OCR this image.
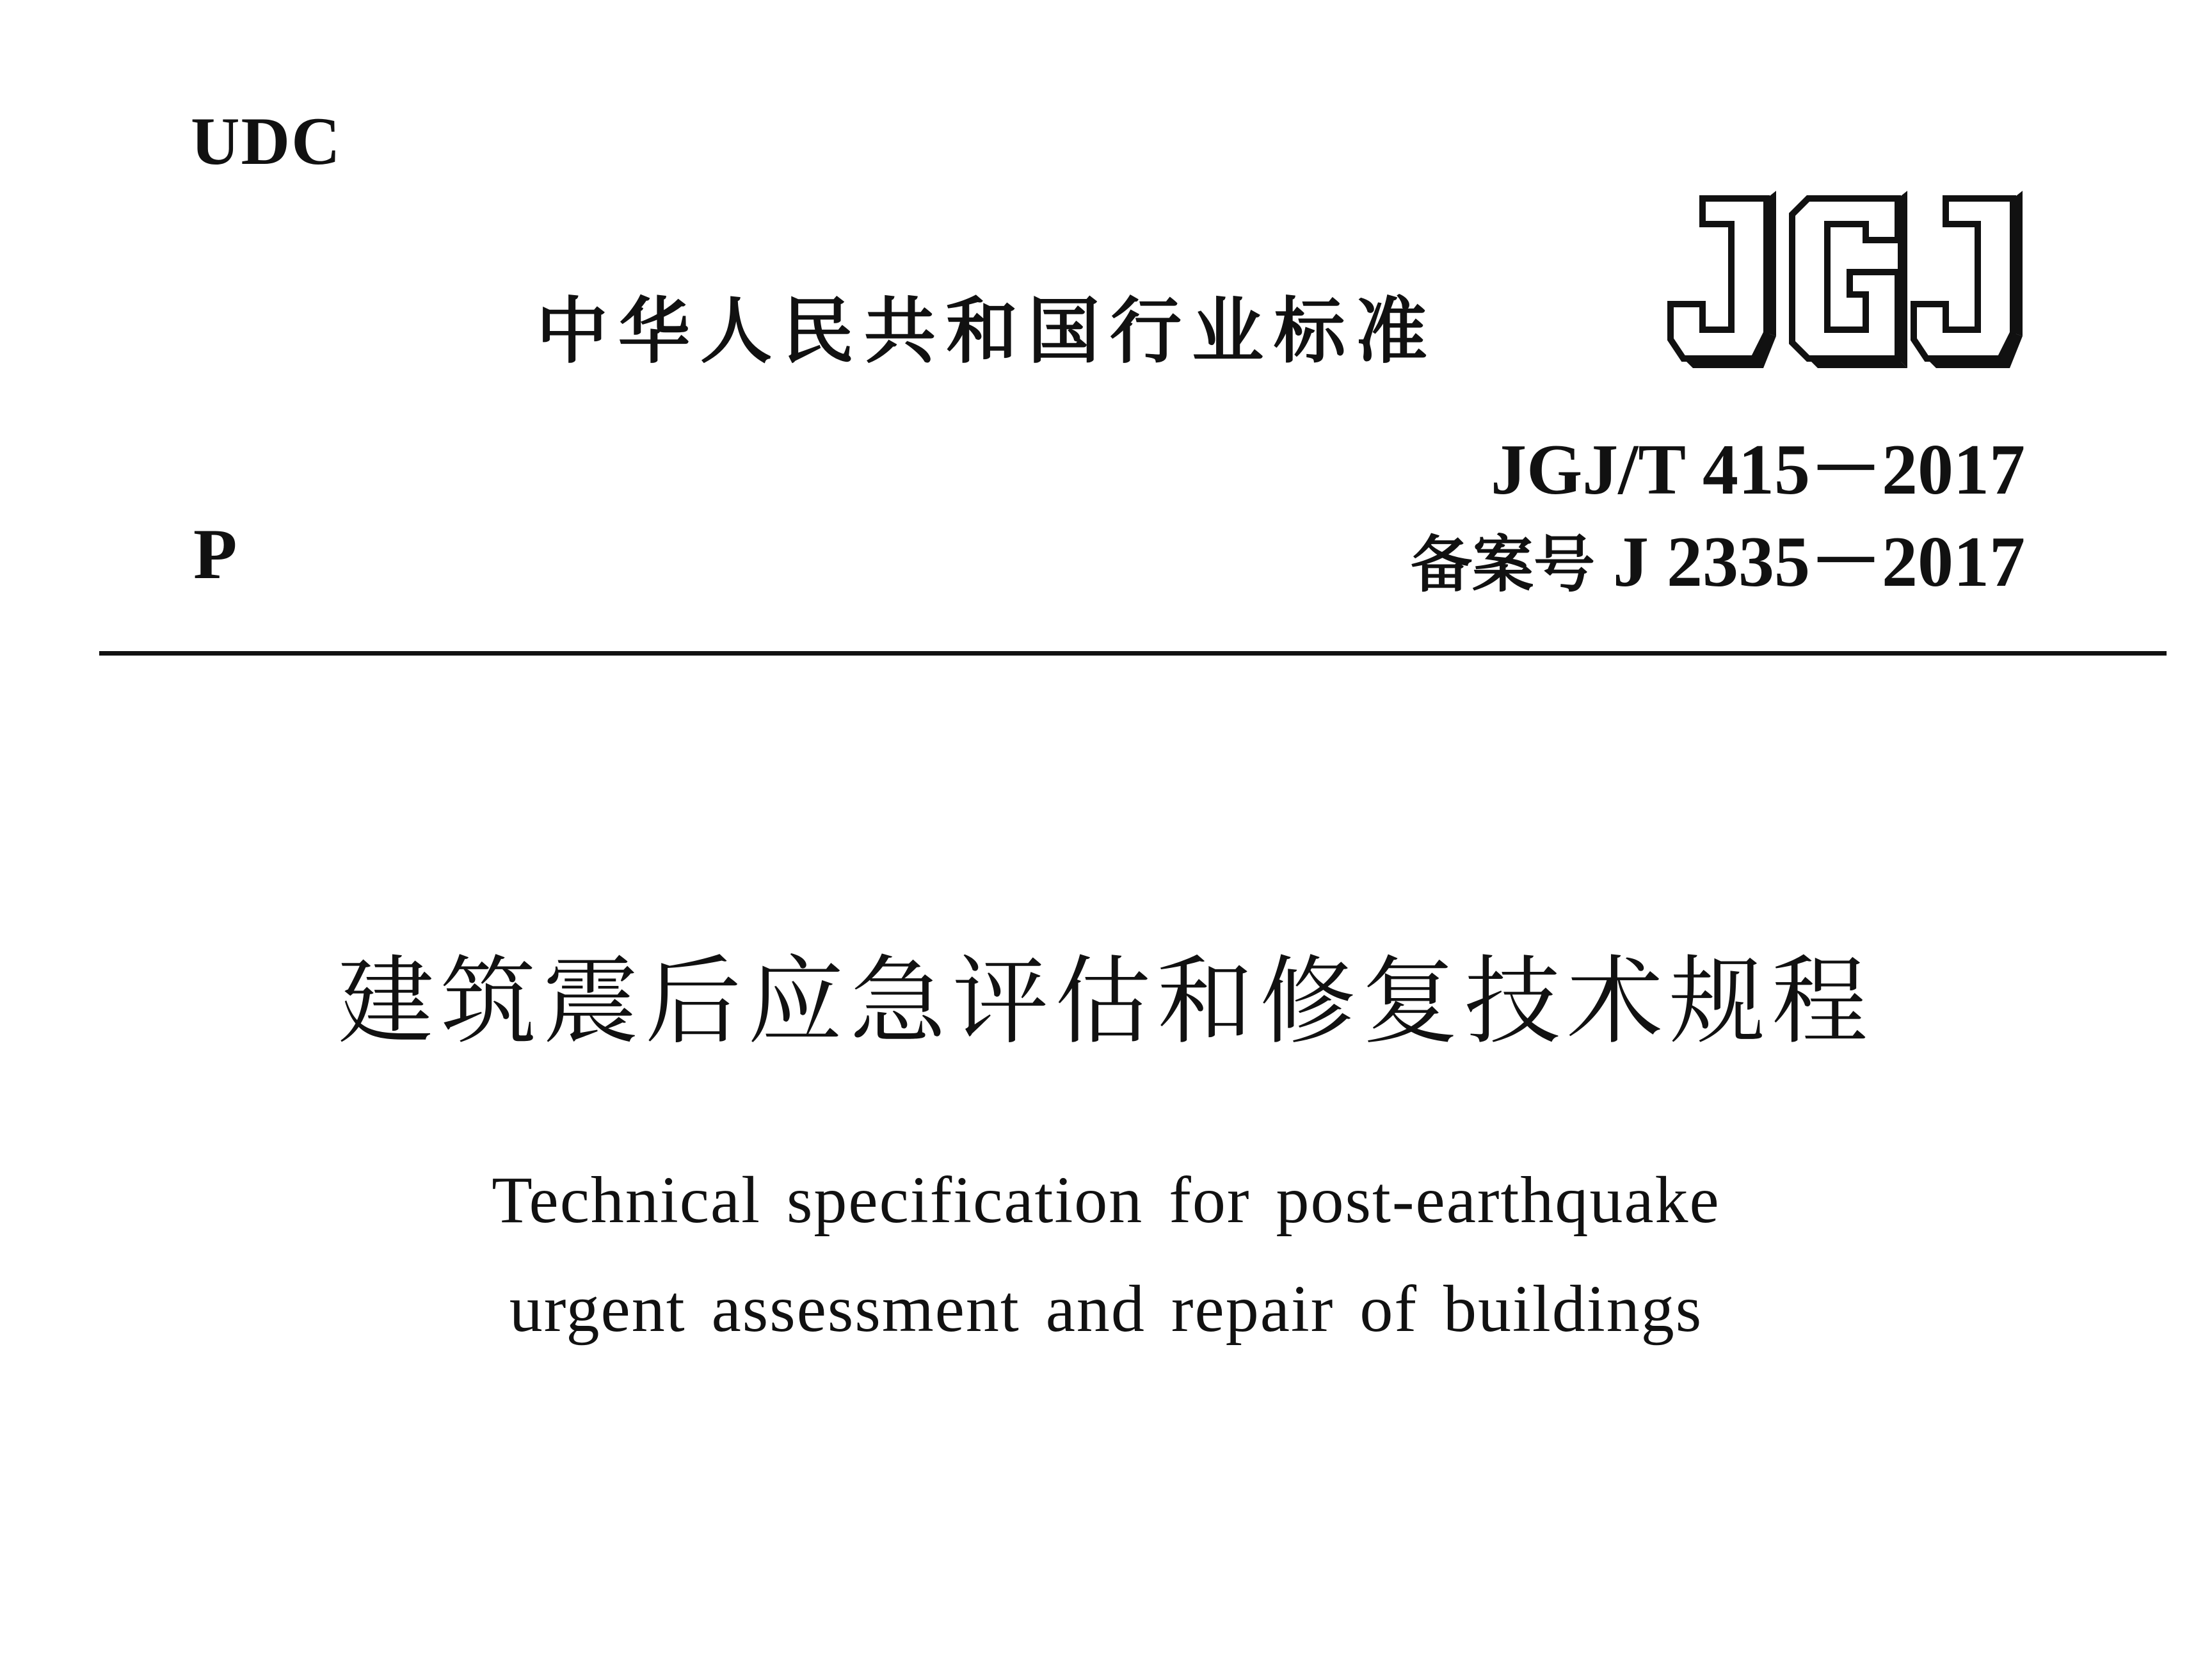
UDC
中华人民共和国行业标准
JGJ/T 415－2017
备案号 J 2335－2017
P
建筑震后应急评估和修复技术规程
Technical specification for post-earthquake
urgent assessment and repair of buildings
